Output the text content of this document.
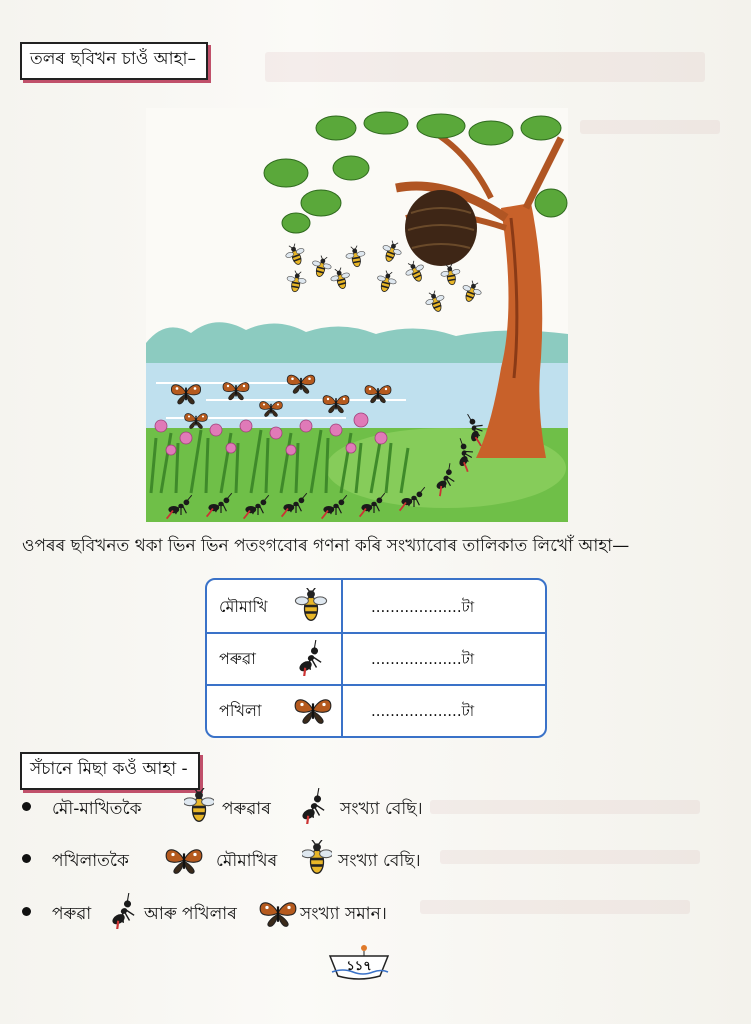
তলৰ ছবিখন চাওঁ আহা–
ওপৰৰ ছবিখনত থকা ভিন ভিন পতংগবোৰ গণনা কৰি সংখ্যাবোৰ তালিকাত লিখোঁ আহা—
মৌমাখি	...................টা
পৰুৱা	...................টা
পখিলা	...................টা
সঁচানে মিছা কওঁ আহা -
মৌ-মাখিতকৈ	পৰুৱাৰ	সংখ্যা বেছি।
পখিলাতকৈ	মৌমাখিৰ	সংখ্যা বেছি।
পৰুৱা	আৰু পখিলাৰ	সংখ্যা সমান।
১১৭
